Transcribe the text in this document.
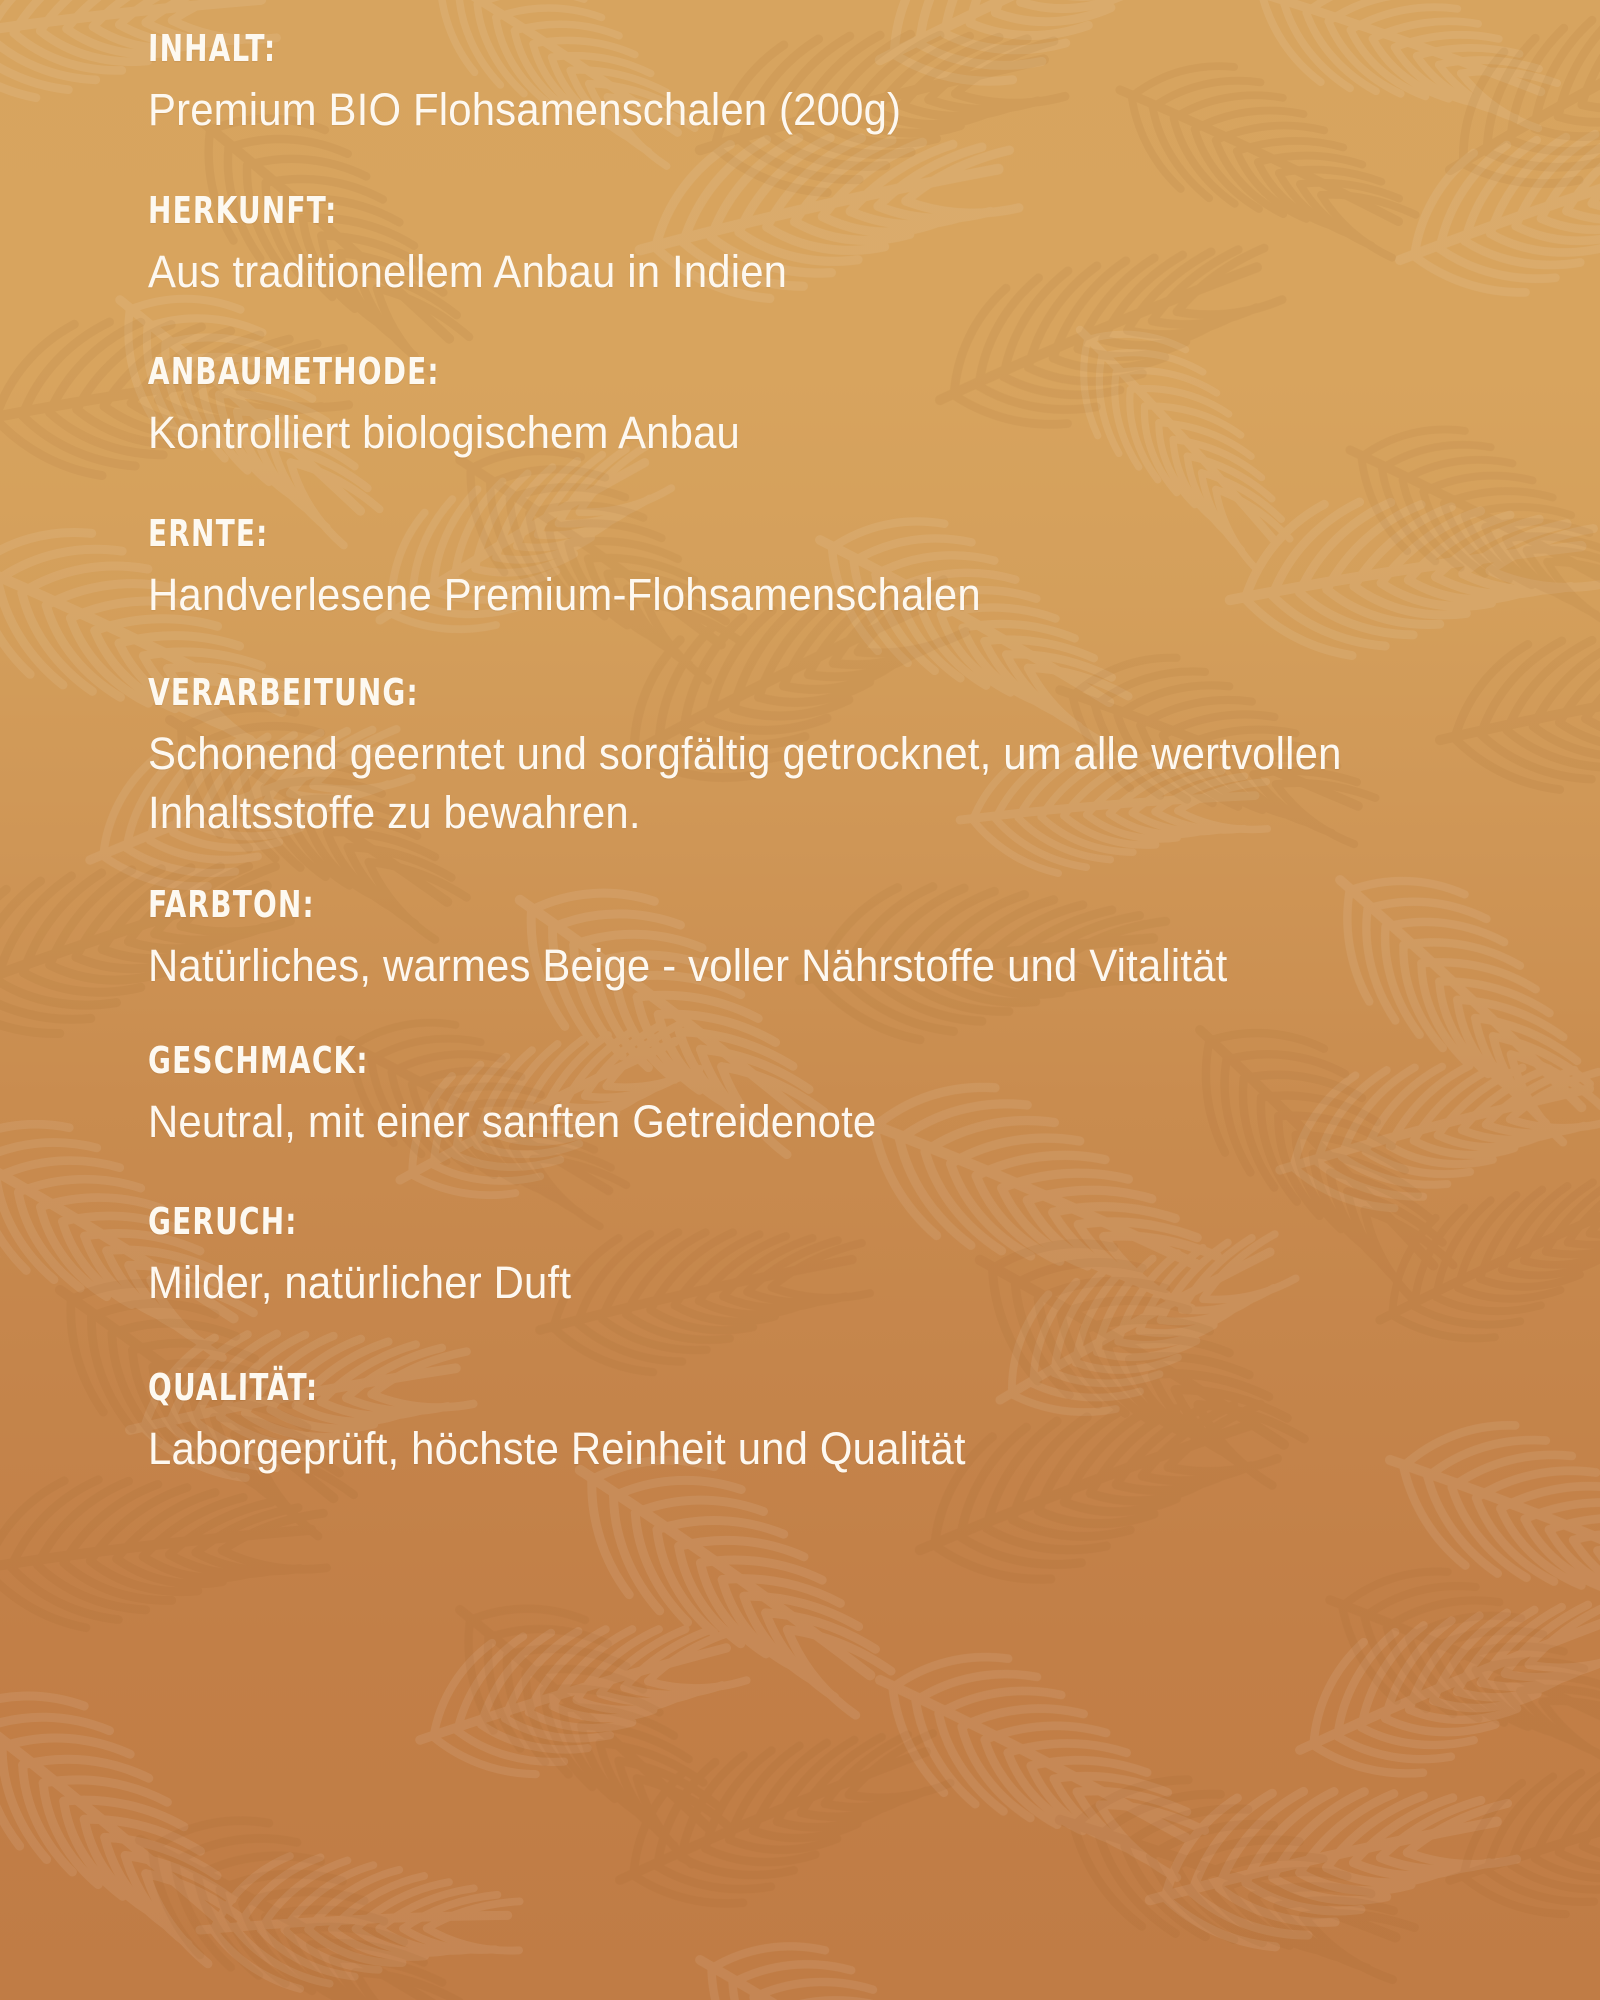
INHALT:
Premium BIO Flohsamenschalen (200g)
HERKUNFT:
Aus traditionellem Anbau in Indien
ANBAUMETHODE:
Kontrolliert biologischem Anbau
ERNTE:
Handverlesene Premium-Flohsamenschalen
VERARBEITUNG:
Schonend geerntet und sorgfältig getrocknet, um alle wertvollen Inhaltsstoffe zu bewahren.
FARBTON:
Natürliches, warmes Beige - voller Nährstoffe und Vitalität
GESCHMACK:
Neutral, mit einer sanften Getreidenote
GERUCH:
Milder, natürlicher Duft
QUALITÄT:
Laborgeprüft, höchste Reinheit und Qualität
